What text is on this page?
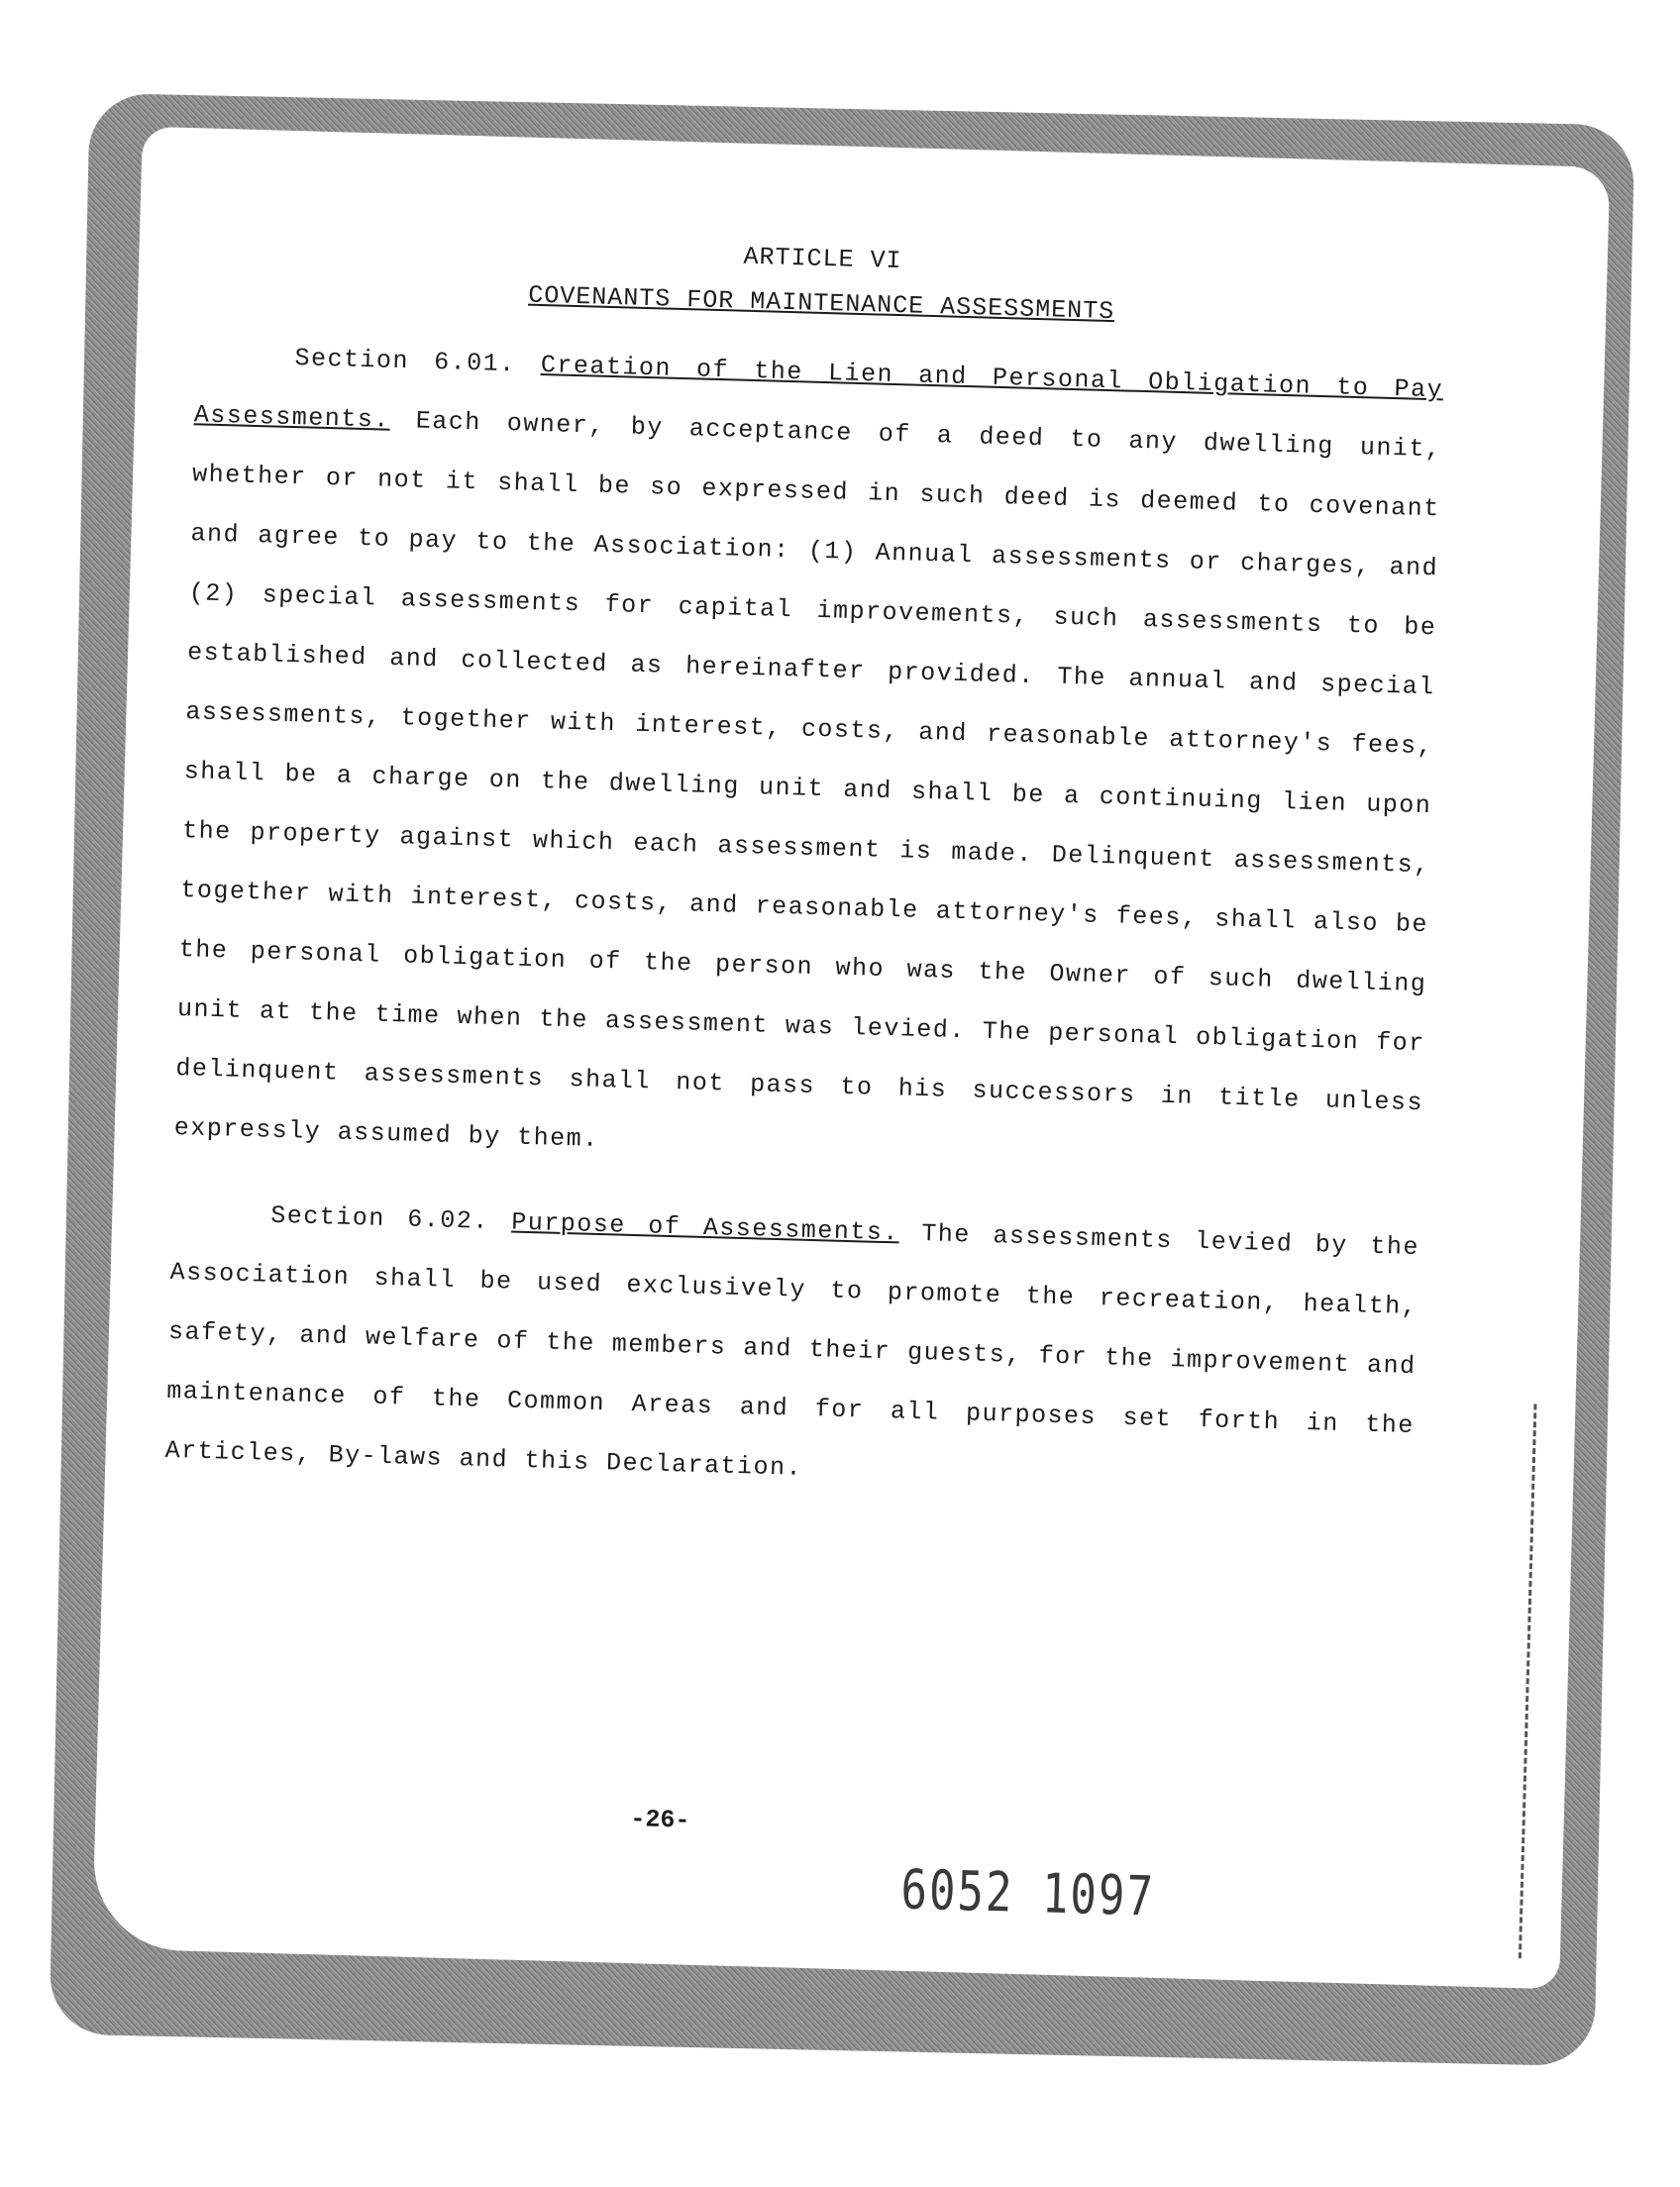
ARTICLE VI

COVENANTS FOR MAINTENANCE ASSESSMENTS

Section 6.01. Creation of the Lien and Personal Obligation to Pay Assessments. Each owner, by acceptance of a deed to any dwelling unit, whether or not it shall be so expressed in such deed is deemed to covenant and agree to pay to the Association: (1) Annual assessments or charges, and (2) special assessments for capital improvements, such assessments to be established and collected as hereinafter provided. The annual and special assessments, together with interest, costs, and reasonable attorney's fees, shall be a charge on the dwelling unit and shall be a continuing lien upon the property against which each assessment is made. Delinquent assessments, together with interest, costs, and reasonable attorney's fees, shall also be the personal obligation of the person who was the Owner of such dwelling unit at the time when the assessment was levied. The personal obligation for delinquent assessments shall not pass to his successors in title unless expressly assumed by them.

Section 6.02. Purpose of Assessments. The assessments levied by the Association shall be used exclusively to promote the recreation, health, safety, and welfare of the members and their guests, for the improvement and maintenance of the Common Areas and for all purposes set forth in the Articles, By-laws and this Declaration.

-26-
6052 1097
